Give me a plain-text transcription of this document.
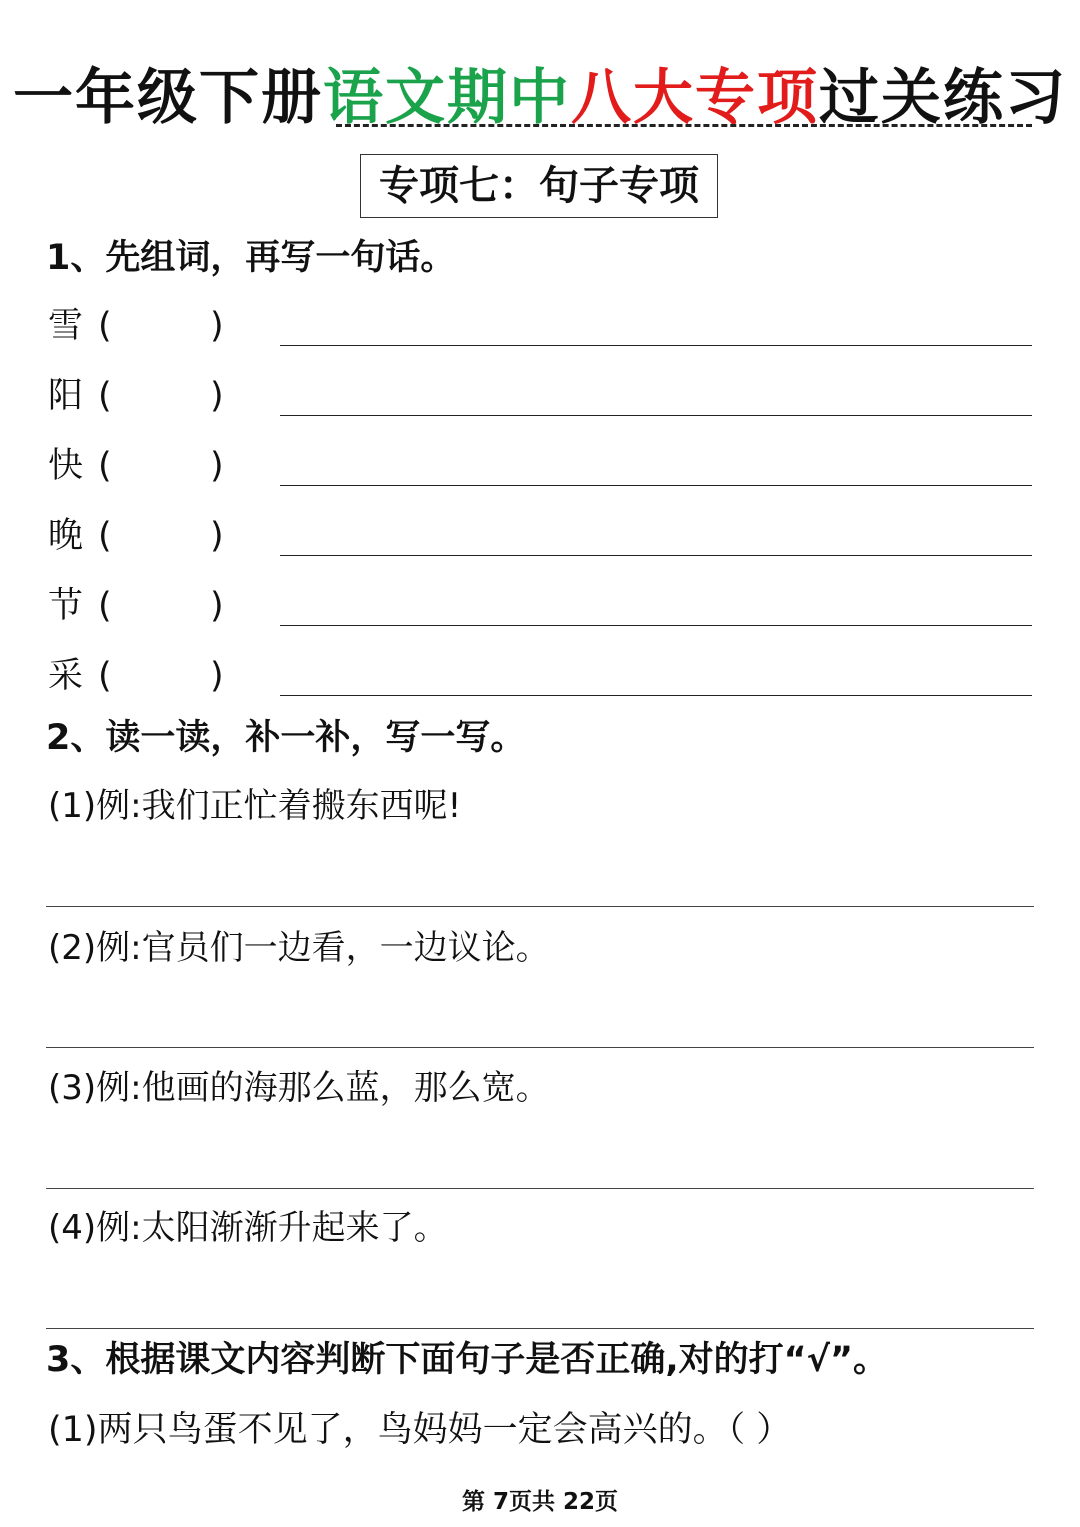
一年级下册语文期中八大专项过关练习
专项七：句子专项
1、先组词，再写一句话。
雪 (	)
阳 (	)
快 (	)
晚 (	)
节 (	)
采 (	)
2、读一读，补一补，写一写。
(1)例:我们正忙着搬东西呢!
(2)例:官员们一边看，一边议论。
(3)例:他画的海那么蓝，那么宽。
(4)例:太阳渐渐升起来了。
3、根据课文内容判断下面句子是否正确,对的打“√”。
(1)两只鸟蛋不见了，鸟妈妈一定会高兴的。（ ）
第 7页共 22页
